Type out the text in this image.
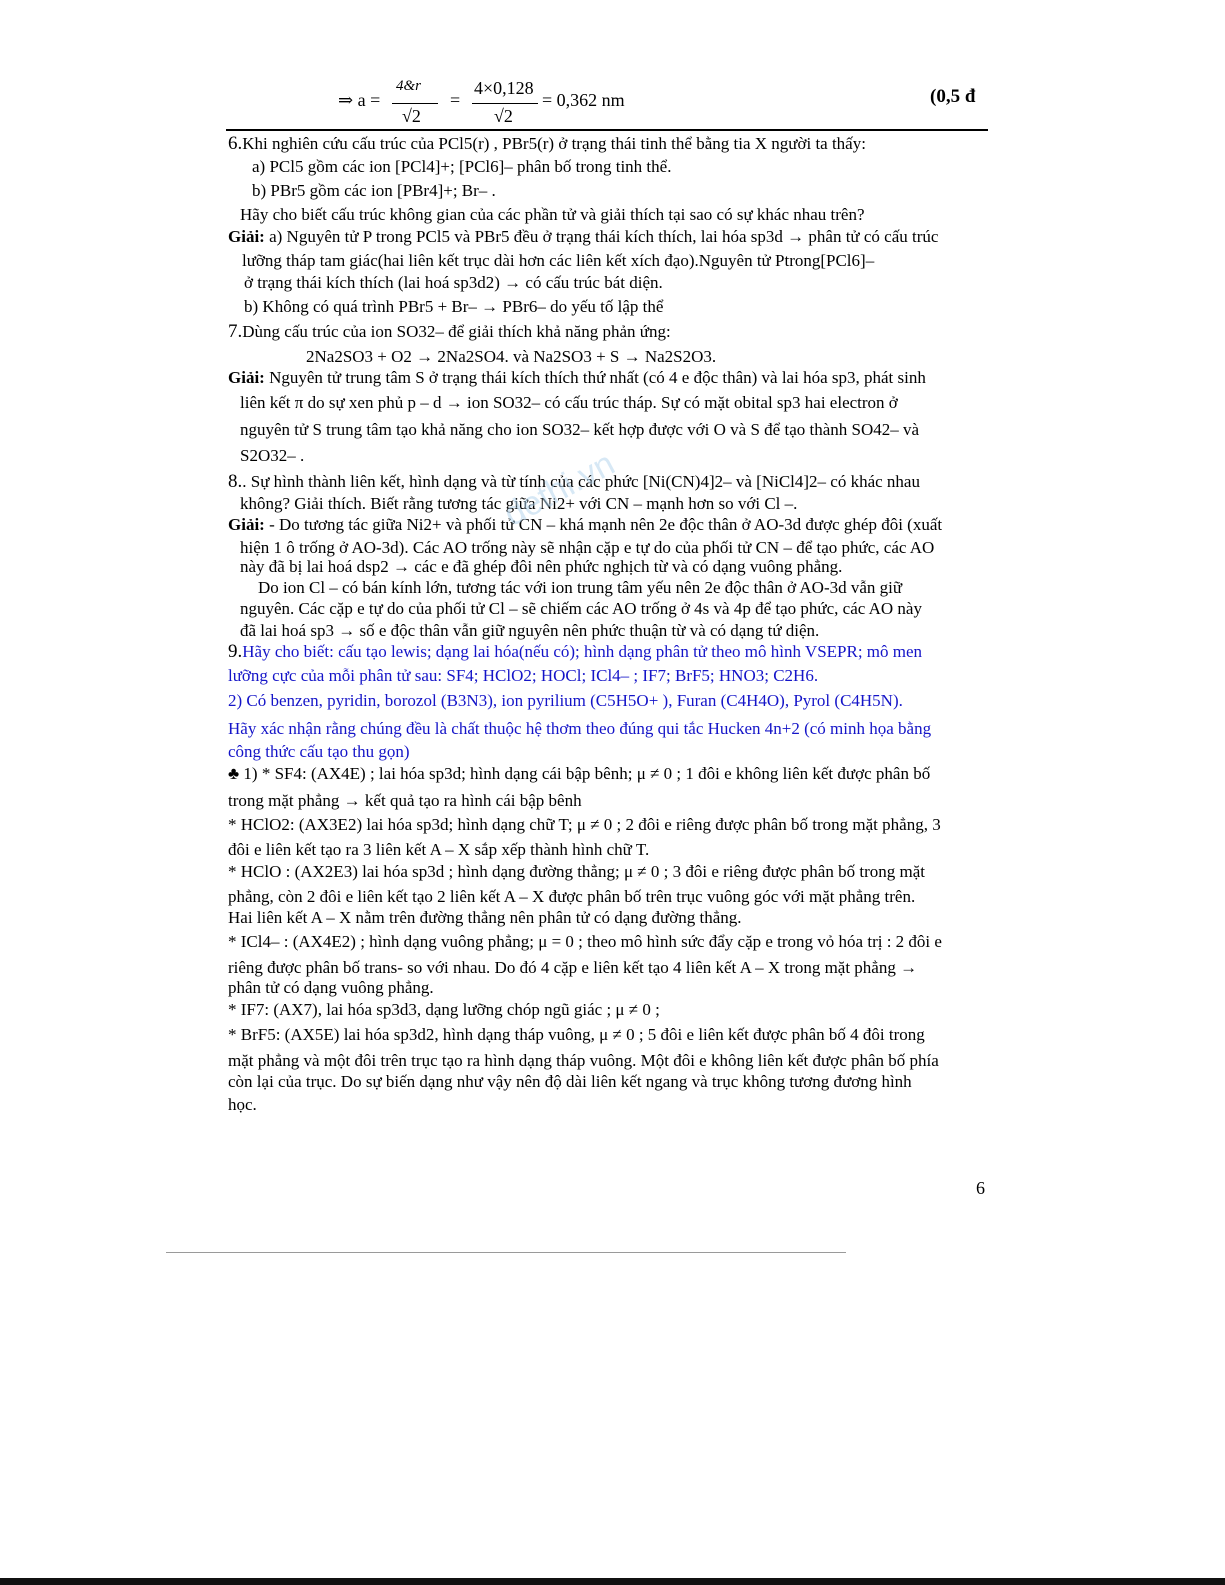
⇒ a =
4&r
√2
=
4×0,128
√2
= 0,362 nm	(0,5 đ
6.Khi nghiên cứu cấu trúc của PCl5(r) , PBr5(r) ở trạng thái tinh thể bằng tia X người ta thấy:
a) PCl5 gồm các ion [PCl4]+; [PCl6]– phân bố trong tinh thể.
b) PBr5 gồm các ion [PBr4]+; Br– .
Hãy cho biết cấu trúc không gian của các phần tử và giải thích tại sao có sự khác nhau trên?
Giải: a) Nguyên tử P trong PCl5 và PBr5 đều ở trạng thái kích thích, lai hóa sp3d → phân tử có cấu trúc
lưỡng tháp tam giác(hai liên kết trục dài hơn các liên kết xích đạo).Nguyên tử Ptrong[PCl6]–
ở trạng thái kích thích (lai hoá sp3d2) → có cấu trúc bát diện.
b) Không có quá trình PBr5 + Br– → PBr6– do yếu tố lập thể
7.Dùng cấu trúc của ion SO32– để giải thích khả năng phản ứng:
2Na2SO3 + O2 → 2Na2SO4. và Na2SO3 + S → Na2S2O3.
Giải: Nguyên tử trung tâm S ở trạng thái kích thích thứ nhất (có 4 e độc thân) và lai hóa sp3, phát sinh
liên kết π do sự xen phủ p – d → ion SO32– có cấu trúc tháp. Sự có mặt obital sp3 hai electron ở
nguyên tử S trung tâm tạo khả năng cho ion SO32– kết hợp được với O và S để tạo thành SO42– và
S2O32– .
8.. Sự hình thành liên kết, hình dạng và từ tính của các phức [Ni(CN)4]2– và [NiCl4]2– có khác nhau
không? Giải thích. Biết rằng tương tác giữa Ni2+ với CN – mạnh hơn so với Cl –.
Giải: - Do tương tác giữa Ni2+ và phối tử CN – khá mạnh nên 2e độc thân ở AO-3d được ghép đôi (xuất
hiện 1 ô trống ở AO-3d). Các AO trống này sẽ nhận cặp e tự do của phối tử CN – để tạo phức, các AO
này đã bị lai hoá dsp2 → các e đã ghép đôi nên phức nghịch từ và có dạng vuông phẳng.
Do ion Cl – có bán kính lớn, tương tác với ion trung tâm yếu nên 2e độc thân ở AO-3d vẫn giữ
nguyên. Các cặp e tự do của phối tử Cl – sẽ chiếm các AO trống ở 4s và 4p để tạo phức, các AO này
đã lai hoá sp3 → số e độc thân vẫn giữ nguyên nên phức thuận từ và có dạng tứ diện.
9.Hãy cho biết: cấu tạo lewis; dạng lai hóa(nếu có); hình dạng phân tử theo mô hình VSEPR; mô men
lưỡng cực của mỗi phân tử sau: SF4; HClO2; HOCl; ICl4– ; IF7; BrF5; HNO3; C2H6.
2) Có benzen, pyridin, borozol (B3N3), ion pyrilium (C5H5O+ ), Furan (C4H4O), Pyrol (C4H5N).
Hãy xác nhận rằng chúng đều là chất thuộc hệ thơm theo đúng qui tắc Hucken 4n+2 (có minh họa bằng
công thức cấu tạo thu gọn)
♣ 1) * SF4: (AX4E) ; lai hóa sp3d; hình dạng cái bập bênh; μ ≠ 0 ; 1 đôi e không liên kết được phân bố
trong mặt phẳng → kết quả tạo ra hình cái bập bênh
* HClO2: (AX3E2) lai hóa sp3d; hình dạng chữ T; μ ≠ 0 ; 2 đôi e riêng được phân bố trong mặt phẳng, 3
đôi e liên kết tạo ra 3 liên kết A – X sắp xếp thành hình chữ T.
* HClO : (AX2E3) lai hóa sp3d ; hình dạng đường thẳng; μ ≠ 0 ; 3 đôi e riêng được phân bố trong mặt
phẳng, còn 2 đôi e liên kết tạo 2 liên kết A – X được phân bố trên trục vuông góc với mặt phẳng trên.
Hai liên kết A – X nằm trên đường thẳng nên phân tử có dạng đường thẳng.
* ICl4– : (AX4E2) ; hình dạng vuông phẳng; μ = 0 ; theo mô hình sức đẩy cặp e trong vỏ hóa trị : 2 đôi e
riêng được phân bố trans- so với nhau. Do đó 4 cặp e liên kết tạo 4 liên kết A – X trong mặt phẳng →
phân tử có dạng vuông phẳng.
* IF7: (AX7), lai hóa sp3d3, dạng lưỡng chóp ngũ giác ; μ ≠ 0 ;
* BrF5: (AX5E) lai hóa sp3d2, hình dạng tháp vuông, μ ≠ 0 ; 5 đôi e liên kết được phân bố 4 đôi trong
mặt phẳng và một đôi trên trục tạo ra hình dạng tháp vuông. Một đôi e không liên kết được phân bố phía
còn lại của trục. Do sự biến dạng như vậy nên độ dài liên kết ngang và trục không tương đương hình
học.
dethi.vn
6
